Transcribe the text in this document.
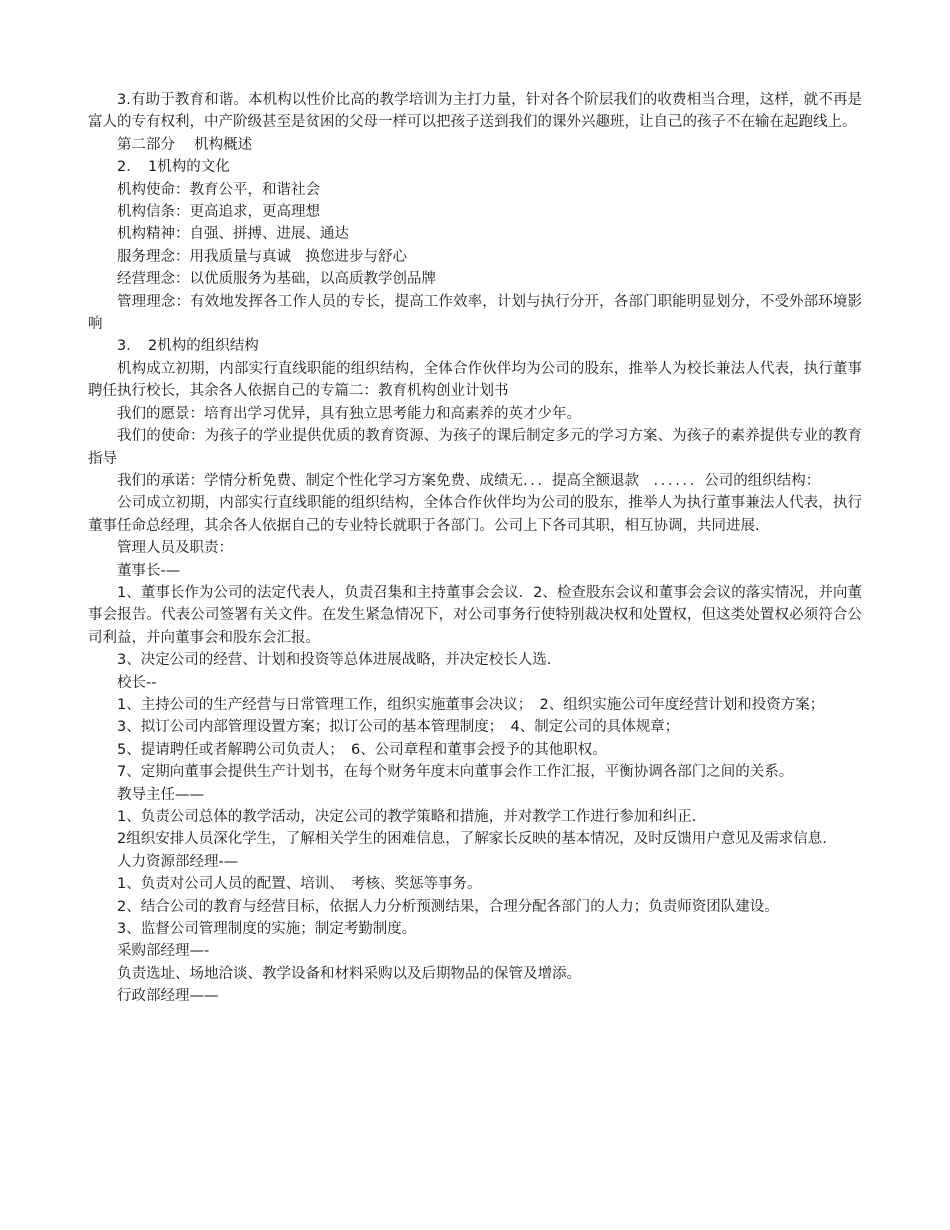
3.有助于教育和谐。本机构以性价比高的教学培训为主打力量，针对各个阶层我们的收费相当合理，这样，就不再是富人的专有权利，中产阶级甚至是贫困的父母一样可以把孩子送到我们的课外兴趣班，让自己的孩子不在输在起跑线上。

第二部分　 机构概述

2．　1机构的文化

机构使命：教育公平，和谐社会

机构信条：更高追求，更高理想

机构精神：自强、拼搏、进展、通达

服务理念：用我质量与真诚　换您进步与舒心

经营理念：以优质服务为基础，以高质教学创品牌

管理理念：有效地发挥各工作人员的专长，提高工作效率，计划与执行分开，各部门职能明显划分，不受外部环境影响

3．　2机构的组织结构

机构成立初期，内部实行直线职能的组织结构，全体合作伙伴均为公司的股东，推举人为校长兼法人代表，执行董事聘任执行校长，其余各人依据自己的专篇二：教育机构创业计划书

我们的愿景：培育出学习优异，具有独立思考能力和高素养的英才少年。

我们的使命：为孩子的学业提供优质的教育资源、为孩子的课后制定多元的学习方案、为孩子的素养提供专业的教育指导

我们的承诺：学情分析免费、制定个性化学习方案免费、成绩无．．．提高全额退款　．．．．．．公司的组织结构：

公司成立初期，内部实行直线职能的组织结构，全体合作伙伴均为公司的股东，推举人为执行董事兼法人代表，执行董事任命总经理，其余各人依据自己的专业特长就职于各部门。公司上下各司其职，相互协调，共同进展.

管理人员及职责：

董事长-—

1、董事长作为公司的法定代表人，负责召集和主持董事会会议．2、检查股东会议和董事会会议的落实情况，并向董事会报告。代表公司签署有关文件。在发生紧急情况下，对公司事务行使特别裁决权和处置权，但这类处置权必须符合公司利益，并向董事会和股东会汇报。

3、决定公司的经营、计划和投资等总体进展战略，并决定校长人选.

校长--

1、主持公司的生产经营与日常管理工作，组织实施董事会决议；　2、组织实施公司年度经营计划和投资方案；

3、拟订公司内部管理设置方案；拟订公司的基本管理制度；　4、制定公司的具体规章；

5、提请聘任或者解聘公司负责人；　6、公司章程和董事会授予的其他职权。

7、定期向董事会提供生产计划书，在每个财务年度末向董事会作工作汇报，平衡协调各部门之间的关系。

教导主任——

1、负责公司总体的教学活动，决定公司的教学策略和措施，并对教学工作进行参加和纠正.

2组织安排人员深化学生，了解相关学生的困难信息，了解家长反映的基本情况，及时反馈用户意见及需求信息.

人力资源部经理-—

1、负责对公司人员的配置、培训、　考核、奖惩等事务。

2、结合公司的教育与经营目标，依据人力分析预测结果，合理分配各部门的人力；负责师资团队建设。

3、监督公司管理制度的实施；制定考勤制度。

采购部经理—-

负责选址、场地洽谈、教学设备和材料采购以及后期物品的保管及增添。

行政部经理——
